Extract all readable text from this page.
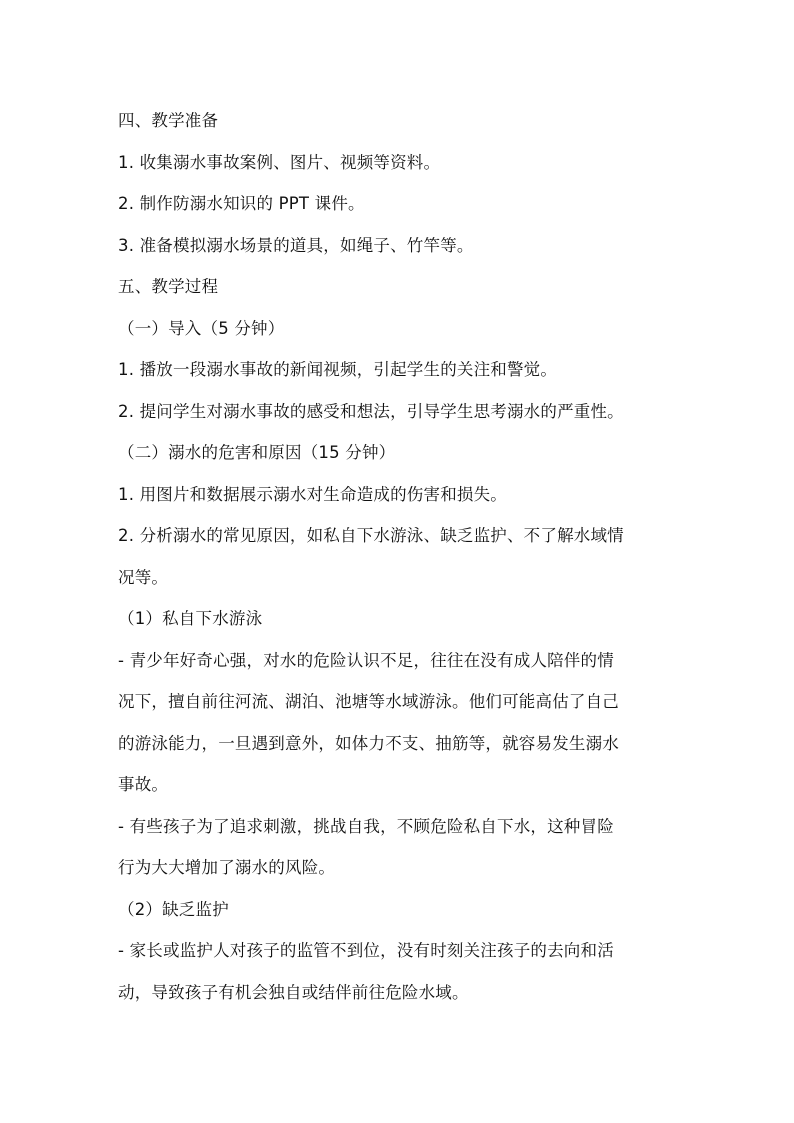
四、教学准备
1. 收集溺水事故案例、图片、视频等资料。
2. 制作防溺水知识的 PPT 课件。
3. 准备模拟溺水场景的道具，如绳子、竹竿等。
五、教学过程
（一）导入（5 分钟）
1. 播放一段溺水事故的新闻视频，引起学生的关注和警觉。
2. 提问学生对溺水事故的感受和想法，引导学生思考溺水的严重性。
（二）溺水的危害和原因（15 分钟）
1. 用图片和数据展示溺水对生命造成的伤害和损失。
2. 分析溺水的常见原因，如私自下水游泳、缺乏监护、不了解水域情
况等。
（1）私自下水游泳
- 青少年好奇心强，对水的危险认识不足，往往在没有成人陪伴的情
况下，擅自前往河流、湖泊、池塘等水域游泳。他们可能高估了自己
的游泳能力，一旦遇到意外，如体力不支、抽筋等，就容易发生溺水
事故。
- 有些孩子为了追求刺激，挑战自我，不顾危险私自下水，这种冒险
行为大大增加了溺水的风险。
（2）缺乏监护
- 家长或监护人对孩子的监管不到位，没有时刻关注孩子的去向和活
动，导致孩子有机会独自或结伴前往危险水域。
